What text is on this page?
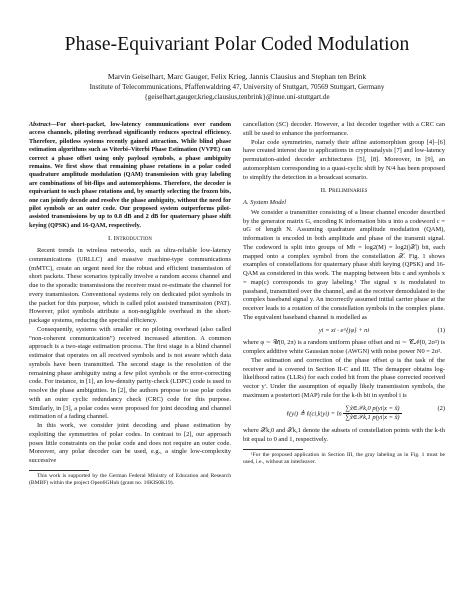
Phase-Equivariant Polar Coded Modulation
Marvin Geiselhart, Marc Gauger, Felix Krieg, Jannis Clausius and Stephan ten Brink
Institute of Telecommunications, Pfaffenwaldring 47, University of Stuttgart, 70569 Stuttgart, Germany
{geiselhart,gauger,krieg,clausius,tenbrink}@inue.uni-stuttgart.de
Abstract—For short-packet, low-latency communications over random access channels, piloting overhead significantly reduces spectral efficiency. Therefore, pilotless systems recently gained attraction. While blind phase estimation algorithms such as Viterbi–Viterbi Phase Estimation (VVPE) can correct a phase offset using only payload symbols, a phase ambiguity remains. We first show that remaining phase rotations in a polar coded quadrature amplitude modulation (QAM) transmission with gray labeling are combinations of bit-flips and automorphisms. Therefore, the decoder is equivariant to such phase rotations and, by smartly selecting the frozen bits, one can jointly decode and resolve the phase ambiguity, without the need for pilot symbols or an outer code. Our proposed system outperforms pilot-assisted transmissions by up to 0.8 dB and 2 dB for quaternary phase shift keying (QPSK) and 16-QAM, respectively.
I. Introduction
Recent trends in wireless networks, such as ultra-reliable low-latency communications (URLLC) and massive machine-type communications (mMTC), create an urgent need for the robust and efficient transmission of short packets. These scenarios typically involve a random access channel and due to the sporadic transmissions the receiver must re-estimate the channel for every transmission. Conventional systems rely on dedicated pilot symbols in the packet for this purpose, which is called pilot assisted transmission (PAT). However, pilot symbols attribute a non-negligible overhead in the short-package systems, reducing the spectral efficiency.
Consequently, systems with smaller or no piloting overhead (also called “non-coherent communication”) received increased attention. A common approach is a two-stage estimation process. The first stage is a blind channel estimator that operates on all received symbols and is not aware which data symbols have been transmitted. The second stage is the resolution of the remaining phase ambiguity using a few pilot symbols or the error-correcting code. For instance, in [1], an low-density parity-check (LDPC) code is used to resolve the phase ambiguities. In [2], the authors propose to use polar codes with an outer cyclic redundancy check (CRC) code for this purpose. Similarly, in [3], a polar codes were proposed for joint decoding and channel estimation of a fading channel.
In this work, we consider joint decoding and phase estimation by exploiting the symmetries of polar codes. In contrast to [2], our approach poses little constraints on the polar code and does not require an outer code. Moreover, any polar decoder can be used, e.g., a single low-complexity successive
This work is supported by the German Federal Ministry of Education and Research (BMBF) within the project Open6GHub (grant no. 16KIS0K19).
cancellation (SC) decoder. However, a list decoder together with a CRC can still be used to enhance the performance.
Polar code symmetries, namely their affine automorphism group [4]–[6] have created interest due to applications in cryptoanalysis [7] and low-latency permutation-aided decoder architectures [5], [8]. Moreover, in [9], an automorphism corresponding to a quasi-cyclic shift by N/4 has been proposed to simplify the detection in a broadcast scenario.
II. Preliminaries
A. System Model
We consider a transmitter consisting of a linear channel encoder described by the generator matrix G, encoding K information bits u into a codeword c = uG of length N. Assuming quadrature amplitude modulation (QAM), information is encoded in both amplitude and phase of the transmit signal. The codeword is split into groups of Mb = log2(M) = log2(|𝒳|) bit, each mapped onto a complex symbol from the constellation 𝒳. Fig. 1 shows examples of constellations for quaternary phase shift keying (QPSK) and 16-QAM as considered in this work. The mapping between bits c and symbols x = map(c) corresponds to gray labeling.¹ The signal x is modulated to passband, transmitted over the channel, and at the receiver demodulated to the complex baseband signal y. An incorrectly assumed initial carrier phase at the receiver leads to a rotation of the constellation symbols in the complex plane. The equivalent baseband channel is modelled as
yi = xi · e^{jφ} + ni	(1)
where φ ∼ 𝒰(0, 2π) is a random uniform phase offset and ni ∼ 𝒞𝒩(0, 2σ²) is complex additive white Gaussian noise (AWGN) with noise power N0 = 2σ².
The estimation and correction of the phase offset φ is the task of the receiver and is covered in Section II-C and III. The demapper obtains log-likelihood ratios (LLRs) for each coded bit from the phase corrected received vector y′. Under the assumption of equally likely transmission symbols, the maximum a posteriori (MAP) rule for the k-th bit in symbol i is
ℓ(yi) ≜ ℓ(ci,k|yi) = $\ln \frac{\text{∑x̃∈𝒳k,0 p(yi|x = x̃)}}{\text{∑x̃∈𝒳k,1 p(yi|x = x̃)}}$	(2)
where 𝒳k,0 and 𝒳k,1 denote the subsets of constellation points with the k-th bit equal to 0 and 1, respectively.
¹For the proposed application in Section III, the gray labeling as in Fig. 1 must be used, i.e., without an interleaver.
